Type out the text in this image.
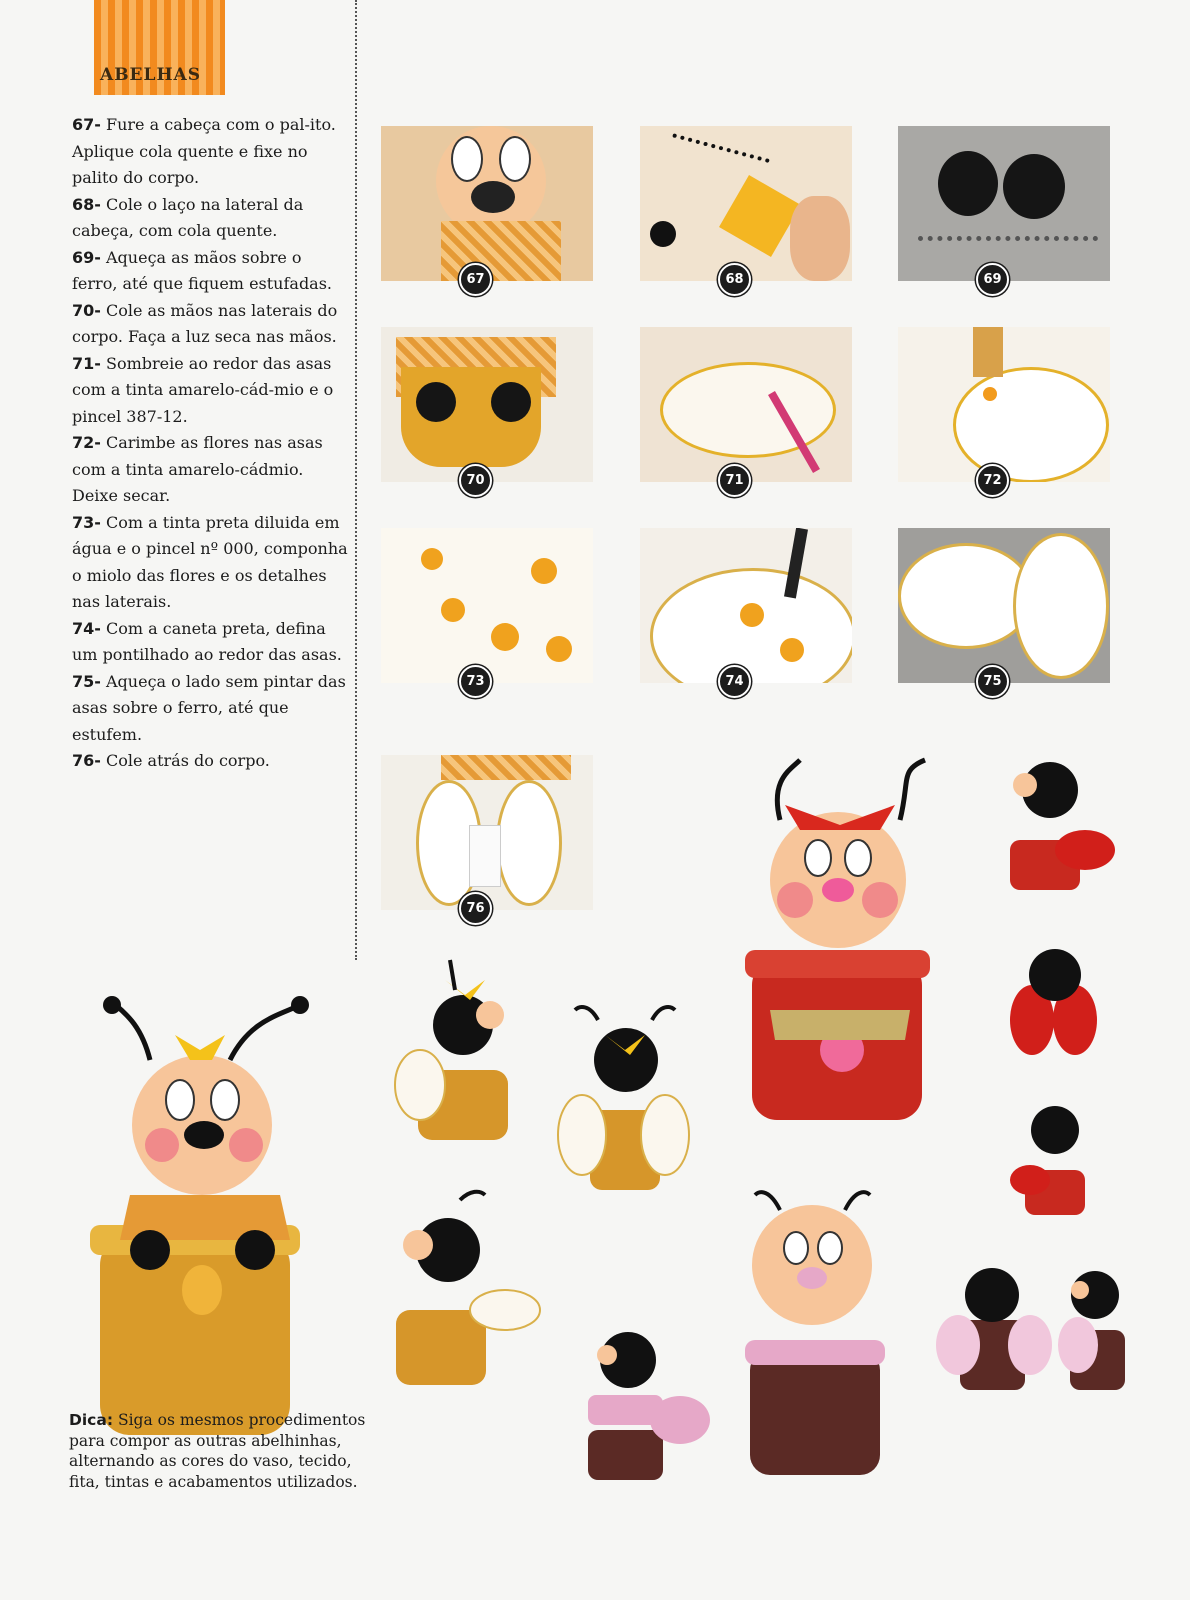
ABELHAS

67- Fure a cabeça com o pal-ito. Aplique cola quente e fixe no palito do corpo.

68- Cole o laço na lateral da cabeça, com cola quente.

69- Aqueça as mãos sobre o ferro, até que fiquem estufadas.

70- Cole as mãos nas laterais do corpo. Faça a luz seca nas mãos.

71- Sombreie ao redor das asas com a tinta amarelo-cád-mio e o pincel 387-12.

72- Carimbe as flores nas asas com a tinta amarelo-cádmio. Deixe secar.

73- Com a tinta preta diluida em água e o pincel nº 000, componha o miolo das flores e os detalhes nas laterais.

74- Com a caneta preta, defina um pontilhado ao redor das asas.

75- Aqueça o lado sem pintar das asas sobre o ferro, até que estufem.

76- Cole atrás do corpo.

67	68	69
70	71	72
73	74	75
76
Dica: Siga os mesmos procedimentos para compor as outras abelhinhas, alternando as cores do vaso, tecido, fita, tintas e acabamentos utilizados.
